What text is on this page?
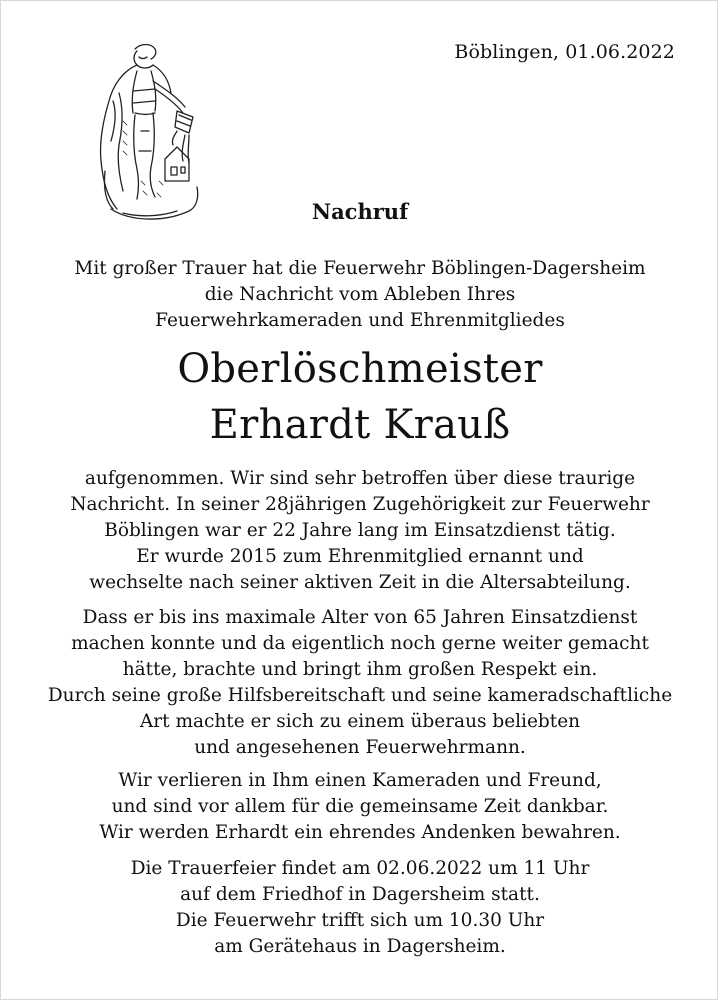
Böblingen, 01.06.2022
Nachruf
Mit großer Trauer hat die Feuerwehr Böblingen-Dagersheim
die Nachricht vom Ableben Ihres
Feuerwehrkameraden und Ehrenmitgliedes
Oberlöschmeister
Erhardt Krauß
aufgenommen. Wir sind sehr betroffen über diese traurige
Nachricht. In seiner 28jährigen Zugehörigkeit zur Feuerwehr
Böblingen war er 22 Jahre lang im Einsatzdienst tätig.
Er wurde 2015 zum Ehrenmitglied ernannt und
wechselte nach seiner aktiven Zeit in die Altersabteilung.
Dass er bis ins maximale Alter von 65 Jahren Einsatzdienst
machen konnte und da eigentlich noch gerne weiter gemacht
hätte, brachte und bringt ihm großen Respekt ein.
Durch seine große Hilfsbereitschaft und seine kameradschaftliche
Art machte er sich zu einem überaus beliebten
und angesehenen Feuerwehrmann.
Wir verlieren in Ihm einen Kameraden und Freund,
und sind vor allem für die gemeinsame Zeit dankbar.
Wir werden Erhardt ein ehrendes Andenken bewahren.
Die Trauerfeier findet am 02.06.2022 um 11 Uhr
auf dem Friedhof in Dagersheim statt.
Die Feuerwehr trifft sich um 10.30 Uhr
am Gerätehaus in Dagersheim.
